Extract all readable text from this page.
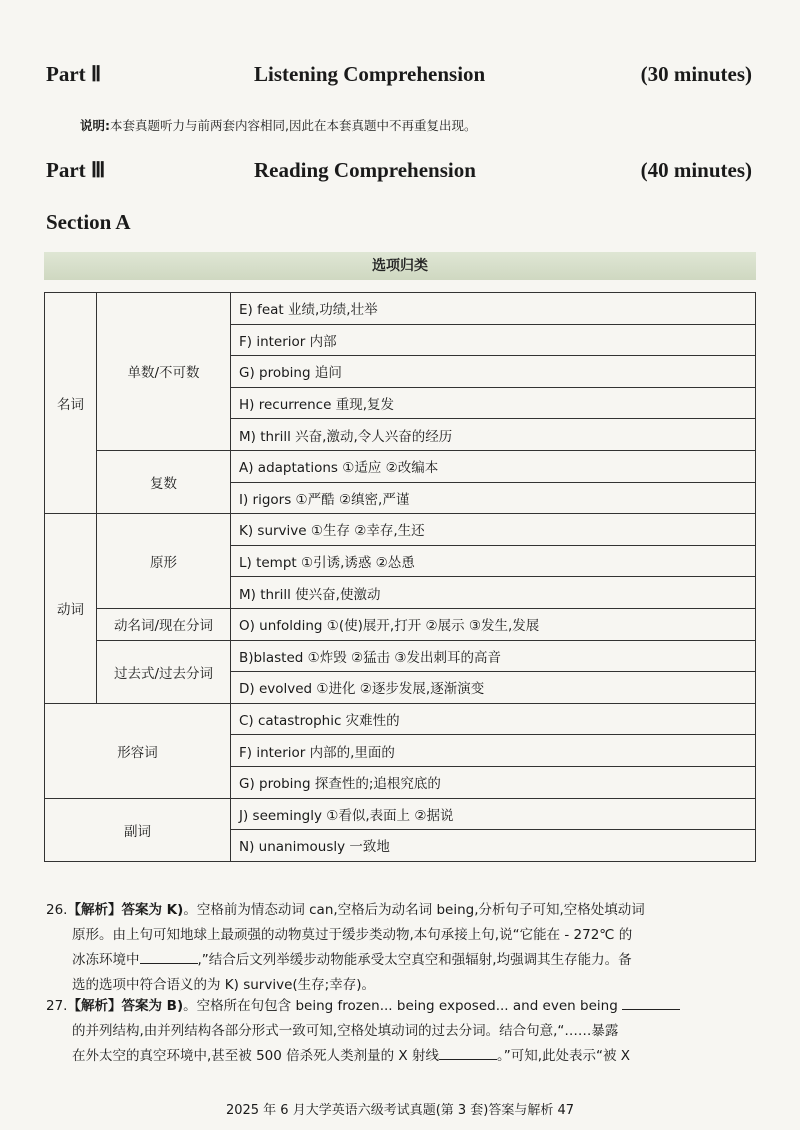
Part Ⅱ	Listening Comprehension	(30 minutes)
说明:本套真题听力与前两套内容相同,因此在本套真题中不再重复出现。
Part Ⅲ	Reading Comprehension	(40 minutes)
Section A
选项归类
名词	单数/不可数	E) feat 业绩,功绩,壮举
		F) interior 内部
		G) probing 追问
		H) recurrence 重现,复发
		M) thrill 兴奋,激动,令人兴奋的经历
	复数	A) adaptations ①适应 ②改编本
		I) rigors ①严酷 ②缜密,严谨
动词	原形	K) survive ①生存 ②幸存,生还
		L) tempt ①引诱,诱惑 ②怂恿
		M) thrill 使兴奋,使激动
	动名词/现在分词	O) unfolding ①(使)展开,打开 ②展示 ③发生,发展
	过去式/过去分词	B)blasted ①炸毁 ②猛击 ③发出刺耳的高音
		D) evolved ①进化 ②逐步发展,逐渐演变
形容词		C) catastrophic 灾难性的
		F) interior 内部的,里面的
		G) probing 探查性的;追根究底的
副词		J) seemingly ①看似,表面上 ②据说
		N) unanimously 一致地

26.【解析】答案为 K)。空格前为情态动词 can,空格后为动名词 being,分析句子可知,空格处填动词

原形。由上句可知地球上最顽强的动物莫过于缓步类动物,本句承接上句,说“它能在 - 272℃ 的

冰冻环境中	,”结合后文列举缓步动物能承受太空真空和强辐射,均强调其生存能力。备

选的选项中符合语义的为 K) survive(生存;幸存)。

27.【解析】答案为 B)。空格所在句包含 being frozen... being exposed... and even being

的并列结构,由并列结构各部分形式一致可知,空格处填动词的过去分词。结合句意,“……暴露

在外太空的真空环境中,甚至被 500 倍杀死人类剂量的 X 射线	。”可知,此处表示“被 X

2025 年 6 月大学英语六级考试真题(第 3 套)答案与解析 47
